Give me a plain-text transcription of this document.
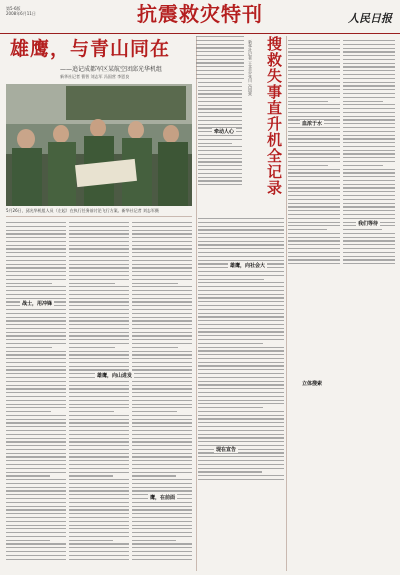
第5-6版
2008年6月11日	抗震救灾特刊	人民日报
雄鹰，与青山同在
——追记成都军区某航空团邱光华机组
新华社记者 曹智 刘志军 冯国营 李恩良
5月26日，邱光华机组人员（左起）在执行任务前讨论飞行方案。新华社记者 刘志军摄
搜救失事直升机全记录
新华社记者 王圣志 张川 冯国营
战士，用冲锋
雄鹰，向山进发
鹰，在前面
雄鹰，向社会大
牵动人心
血浓于水
现在宣告
立体搜索
我们等待
